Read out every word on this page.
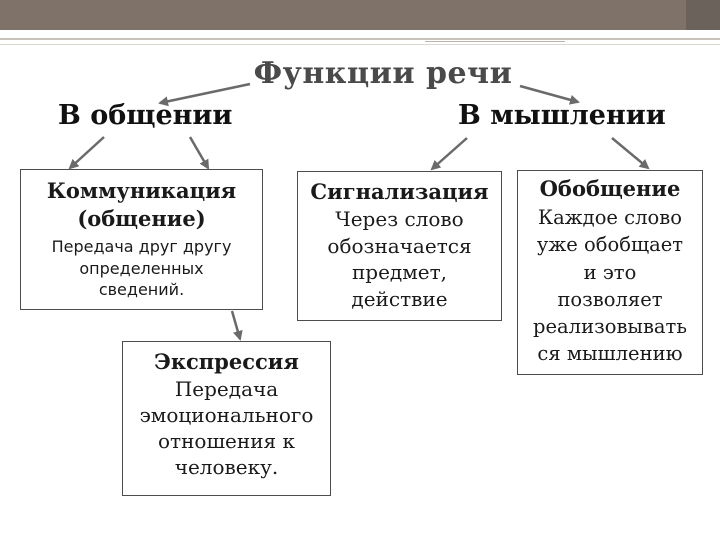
Функции речи
В общении	В мышлении
Коммуникация
(общение)
Передача друг другу
определенных
сведений.
Сигнализация
Через слово
обозначается
предмет,
действие
Экспрессия
Передача
эмоционального
отношения к
человеку.
Обобщение
Каждое слово
уже обобщает
и это
позволяет
реализовывать
ся мышлению
